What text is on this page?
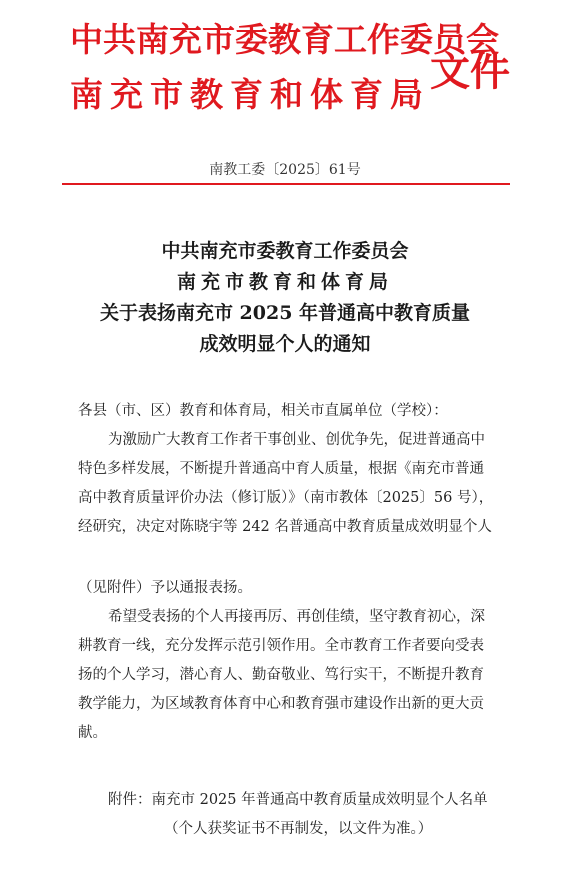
中共南充市委教育工作委员会
南充市教育和体育局 文件
南教工委〔2025〕61号
中共南充市委教育工作委员会
南充市教育和体育局
关于表扬南充市 2025 年普通高中教育质量
成效明显个人的通知

各县（市、区）教育和体育局，相关市直属单位（学校）：

为激励广大教育工作者干事创业、创优争先，促进普通高中

特色多样发展，不断提升普通高中育人质量，根据《南充市普通

高中教育质量评价办法（修订版）》（南市教体〔2025〕56 号），

经研究，决定对陈晓宇等 242 名普通高中教育质量成效明显个人

（见附件）予以通报表扬。

希望受表扬的个人再接再厉、再创佳绩，坚守教育初心，深

耕教育一线，充分发挥示范引领作用。全市教育工作者要向受表

扬的个人学习，潜心育人、勤奋敬业、笃行实干，不断提升教育

教学能力，为区域教育体育中心和教育强市建设作出新的更大贡

献。

附件：南充市 2025 年普通高中教育质量成效明显个人名单
（个人获奖证书不再制发，以文件为准。）
